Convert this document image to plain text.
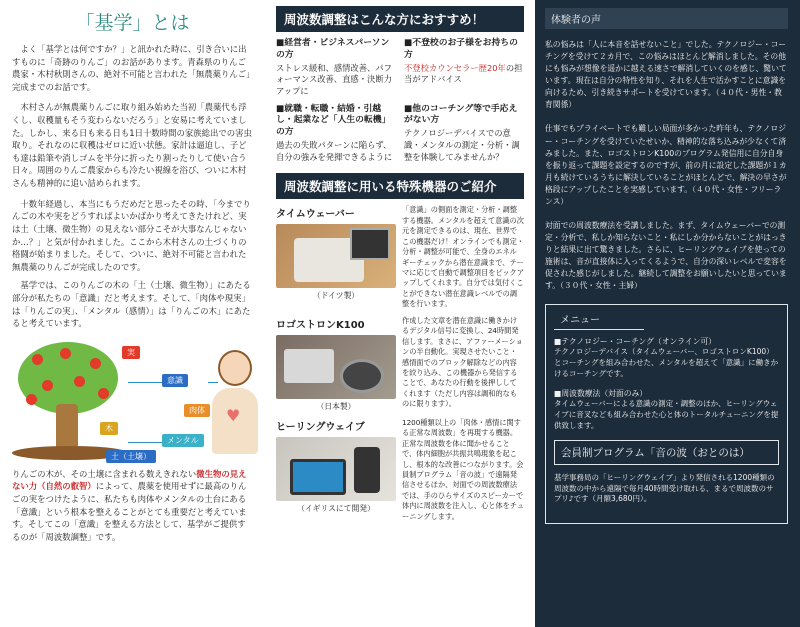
「基学」とは

よく「基学とは何ですか？」と訊かれた時に、引き合いに出すものに「奇跡のりんご」のお話があります。青森県のりんご農家・木村秋則さんの、絶対不可能と言われた「無農薬りんご」完成までのお話です。

木村さんが無農薬りんごに取り組み始めた当初「農薬代も浮くし、収穫量もそう変わらないだろう」と安易に考えていました。しかし、来る日も来る日も1日十数時間の家族総出での害虫取り。それなのに収穫はゼロに近い状態。家計は逼迫し、子ども達は鉛筆や消しゴムを半分に折ったり割ったりして使い合う日々。周囲のりんご農家からも冷たい視線を浴び、ついに木村さんも精神的に追い詰められます。

十数年経過し、本当にもうだめだと思ったその時、「今までりんごの木や実をどうすればよいかばかり考えてきたけれど、実は土（土壌、微生物）の見えない部分こそが大事なんじゃないか…？」と気が付かれました。ここから木村さんの土づくりの格闘が始まりました。そして、ついに、絶対不可能と言われた無農薬のりんごが完成したのです。

基学では、このりんごの木の「土（土壌、微生物）」にあたる部分が私たちの「意識」だと考えます。そして、「肉体や現実」は「りんごの実」、「メンタル（感情）」は「りんごの木」にあたると考えています。

実
意識
肉体
メンタル
木
土（土壌）
♥

りんごの木が、その土壌に含まれる数えきれない微生物の見えない力（自然の叡智）によって、農薬を使用せずに最高のりんごの実をつけたように、私たちも肉体やメンタルの土台にある「意識」という根本を整えることがとても重要だと考えています。そしてこの「意識」を整える方法として、基学がご提供するのが「周波数調整」です。

周波数調整はこんな方におすすめ！
■経営者・ビジネスパーソンの方
ストレス緩和、感情改善、パフォーマンス改善、直感・決断力アップに
■不登校のお子様をお持ちの方
不登校カウンセラー歴20年の担当がアドバイス
■就職・転職・結婚・引越し・起業など「人生の転機」の方
過去の失敗パターンに陥らず、自分の強みを発揮できるように
■他のコーチング等で手応えがない方
テクノロジーデバイスでの意識・メンタルの測定・分析・調整を体験してみませんか？
周波数調整に用いる特殊機器のご紹介
タイムウェーバー
（ドイツ製）
「意識」の側面を測定・分析・調整する機器。メンタルを超えて意識の次元を測定できるのは、現在、世界でこの機器だけ！オンラインでも測定・分析・調整が可能で、全身のエネルギーチェックから潜在意識まで、テーマに応じて自動で調整項目をピックアップしてくれます。自分では気付くことができない潜在意識レベルでの調整を行います。
ロゴストロンK100
（日本製）
作成した文章を潜在意識に働きかけるデジタル信号に変換し、24時間発信します。まさに、アファーメーションの半自動化。実現させたいこと・感情面でのブロック解除などの内容を絞り込み、この機器から発信することで、あなたの行動を後押ししてくれます（ただし内容は調和的なものに限ります）。
ヒーリングウェイブ
（イギリスにて開発）
1200種類以上の「肉体・感情に関する正常な周波数」を再現する機器。正常な周波数を体に聞かせることで、体内細胞が共振共鳴現象を起こし、根本的な改善につながります。会員制プログラム「音の波」で遠隔発信させるほか、対面での周波数療法では、手のひらサイズのスピーカーで体内に周波数を注入し、心と体をチューニングします。
体験者の声

私の悩みは「人に本音を話せないこと」でした。テクノロジー・コーチングを受けて２カ月で、この悩みはほとんど解消しました。その他にも悩みが想像を遥かに越える速さで解消していくのを感じ、驚いています。現在は自分の特性を知り、それを人生で活かすことに意識を向けるため、引き続きサポートを受けています。（４０代・男性・教育関係）

仕事でもプライベートでも難しい局面が多かった昨年も、テクノロジー・コーチングを受けていたせいか、精神的な落ち込みが少なくて済みました。また、ロゴストロンK100のプログラム発信用に自分自身を振り返って課題を設定するのですが、前の月に設定した課題が１カ月も続けているうちに解決していることがほとんどで、解決の早さが格段にアップしたことを実感しています。（４０代・女性・フリーランス）

対面での周波数療法を受講しました。まず、タイムウェーバーでの測定・分析で、私しか知らないこと・私にしか分からないことがはっきりと結果に出て驚きました。さらに、ヒーリングウェイブを使っての施術は、音が直接体に入ってくるようで、自分の深いレベルで変容を促された感じがしました。継続して調整をお願いしたいと思っています。（３０代・女性・主婦）

メニュー
■テクノロジー・コーチング（オンライン可）
テクノロジーデバイス（タイムウェーバー、ロゴストロンK100）とコーチングを組み合わせた、メンタルを超えて「意識」に働きかけるコーチングです。
■周波数療法（対面のみ）
タイムウェーバーによる意識の測定・調整のほか、ヒーリングウェイブに音叉なども組み合わせた心と体のトータルチューニングを提供致します。
会員制プログラム「音の波（おとのは）
基学事務局の「ヒーリングウェイブ」より発信される1200種類の周波数の中から遠隔で毎月40時間受け取れる、まるで周波数のサプリ♪です（月額3,680円）。
